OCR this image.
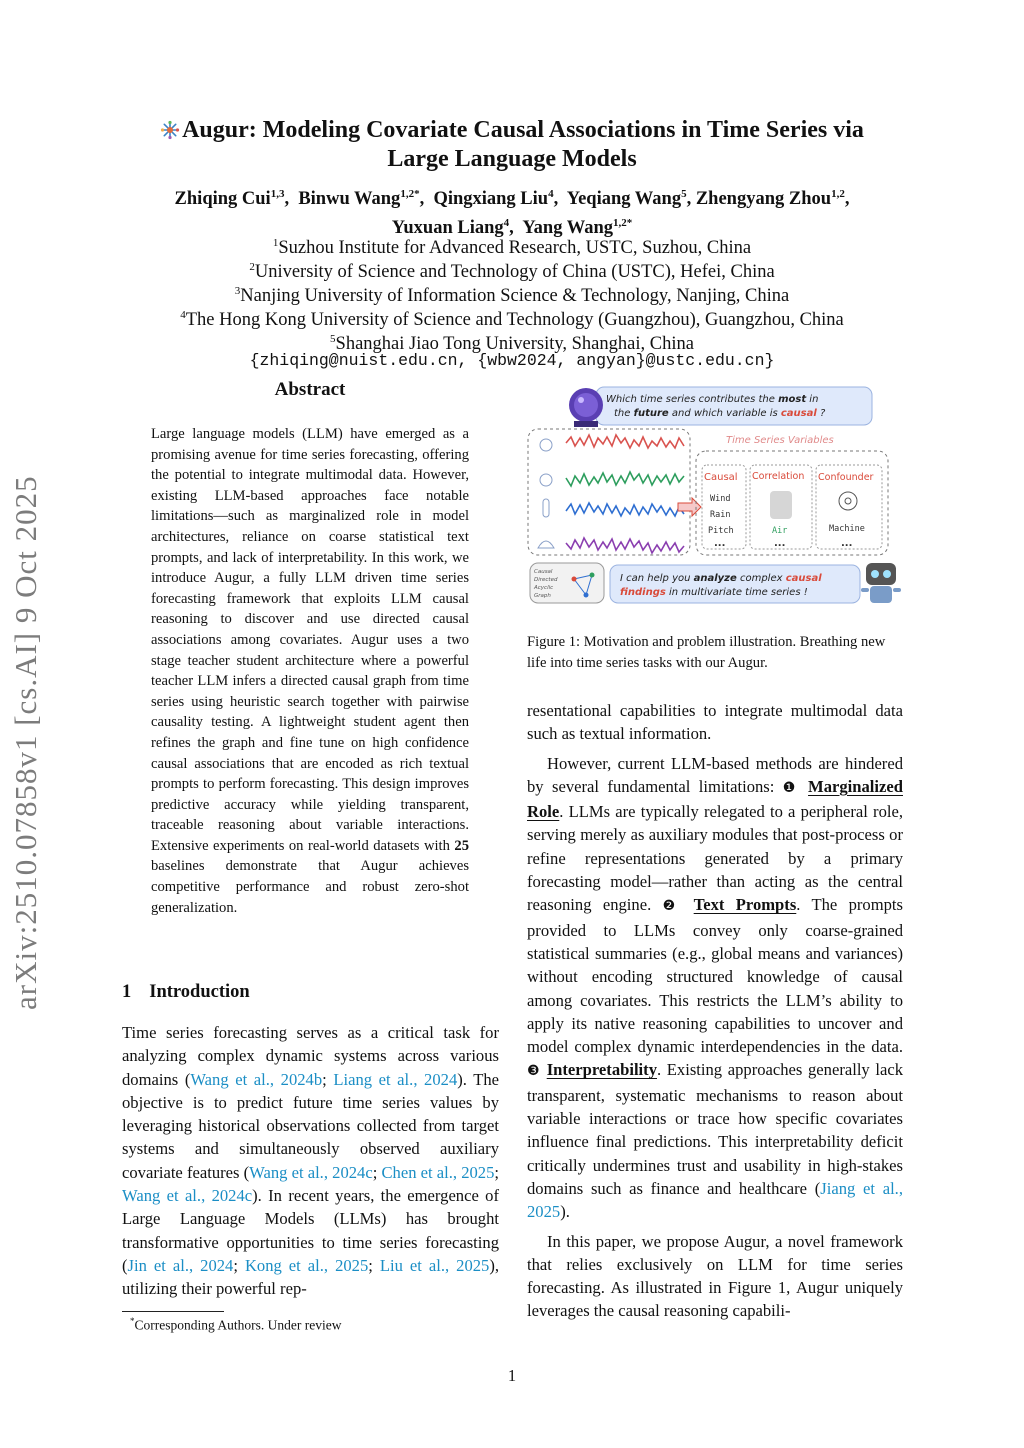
arXiv:2510.07858v1 [cs.AI] 9 Oct 2025
Augur: Modeling Covariate Causal Associations in Time Series via
Large Language Models
Zhiqing Cui$^{1,3}$, Binwu Wang$^{1,2*}$, Qingxiang Liu$^4$, Yeqiang Wang$^5$, Zhengyang Zhou$^{1,2}$,
Yuxuan Liang$^4$, Yang Wang$^{1,2*}$
$^1$Suzhou Institute for Advanced Research, USTC, Suzhou, China
$^2$University of Science and Technology of China (USTC), Hefei, China
$^3$Nanjing University of Information Science & Technology, Nanjing, China
$^4$The Hong Kong University of Science and Technology (Guangzhou), Guangzhou, China
$^5$Shanghai Jiao Tong University, Shanghai, China
{zhiqing@nuist.edu.cn, {wbw2024, angyan}@ustc.edu.cn}
Abstract
Large language models (LLM) have emerged as a promising avenue for time series forecasting, offering the potential to integrate multimodal data. However, existing LLM-based approaches face notable limitations—such as marginalized role in model architectures, reliance on coarse statistical text prompts, and lack of interpretability. In this work, we introduce Augur, a fully LLM driven time series forecasting framework that exploits LLM causal reasoning to discover and use directed causal associations among covariates. Augur uses a two stage teacher student architecture where a powerful teacher LLM infers a directed causal graph from time series using heuristic search together with pairwise causality testing. A lightweight student agent then refines the graph and fine tune on high confidence causal associations that are encoded as rich textual prompts to perform forecasting. This design improves predictive accuracy while yielding transparent, traceable reasoning about variable interactions. Extensive experiments on real-world datasets with 25 baselines demonstrate that Augur achieves competitive performance and robust zero-shot generalization.
1 Introduction
Time series forecasting serves as a critical task for analyzing complex dynamic systems across various domains (Wang et al., 2024b; Liang et al., 2024). The objective is to predict future time series values by leveraging historical observations collected from target systems and simultaneously observed auxiliary covariate features (Wang et al., 2024c; Chen et al., 2025; Wang et al., 2024c). In recent years, the emergence of Large Language Models (LLMs) has brought transformative opportunities to time series forecasting (Jin et al., 2024; Kong et al., 2025; Liu et al., 2025), utilizing their powerful rep-
*Corresponding Authors. Under review
Which time series contributes the most in
the future and which variable is causal ?
Time Series Variables
Causal Correlation Confounder
Wind
Rain
Pitch
...
Air
...
Machine
...
Causal
Directed
Acyclic
Graph
I can help you analyze complex causal
findings in multivariate time series !
Figure 1: Motivation and problem illustration. Breathing new life into time series tasks with our Augur.

resentational capabilities to integrate multimodal data such as textual information.

However, current LLM-based methods are hindered by several fundamental limitations: ❶ Marginalized Role. LLMs are typically relegated to a peripheral role, serving merely as auxiliary modules that post-process or refine representations generated by a primary forecasting model—rather than acting as the central reasoning engine. ❷ Text Prompts. The prompts provided to LLMs convey only coarse-grained statistical summaries (e.g., global means and variances) without encoding structured knowledge of causal among covariates. This restricts the LLM’s ability to apply its native reasoning capabilities to uncover and model complex dynamic interdependencies in the data. ❸ Interpretability. Existing approaches generally lack transparent, systematic mechanisms to reason about variable interactions or trace how specific covariates influence final predictions. This interpretability deficit critically undermines trust and usability in high-stakes domains such as finance and healthcare (Jiang et al., 2025).

In this paper, we propose Augur, a novel framework that relies exclusively on LLM for time series forecasting. As illustrated in Figure 1, Augur uniquely leverages the causal reasoning capabili-

1
